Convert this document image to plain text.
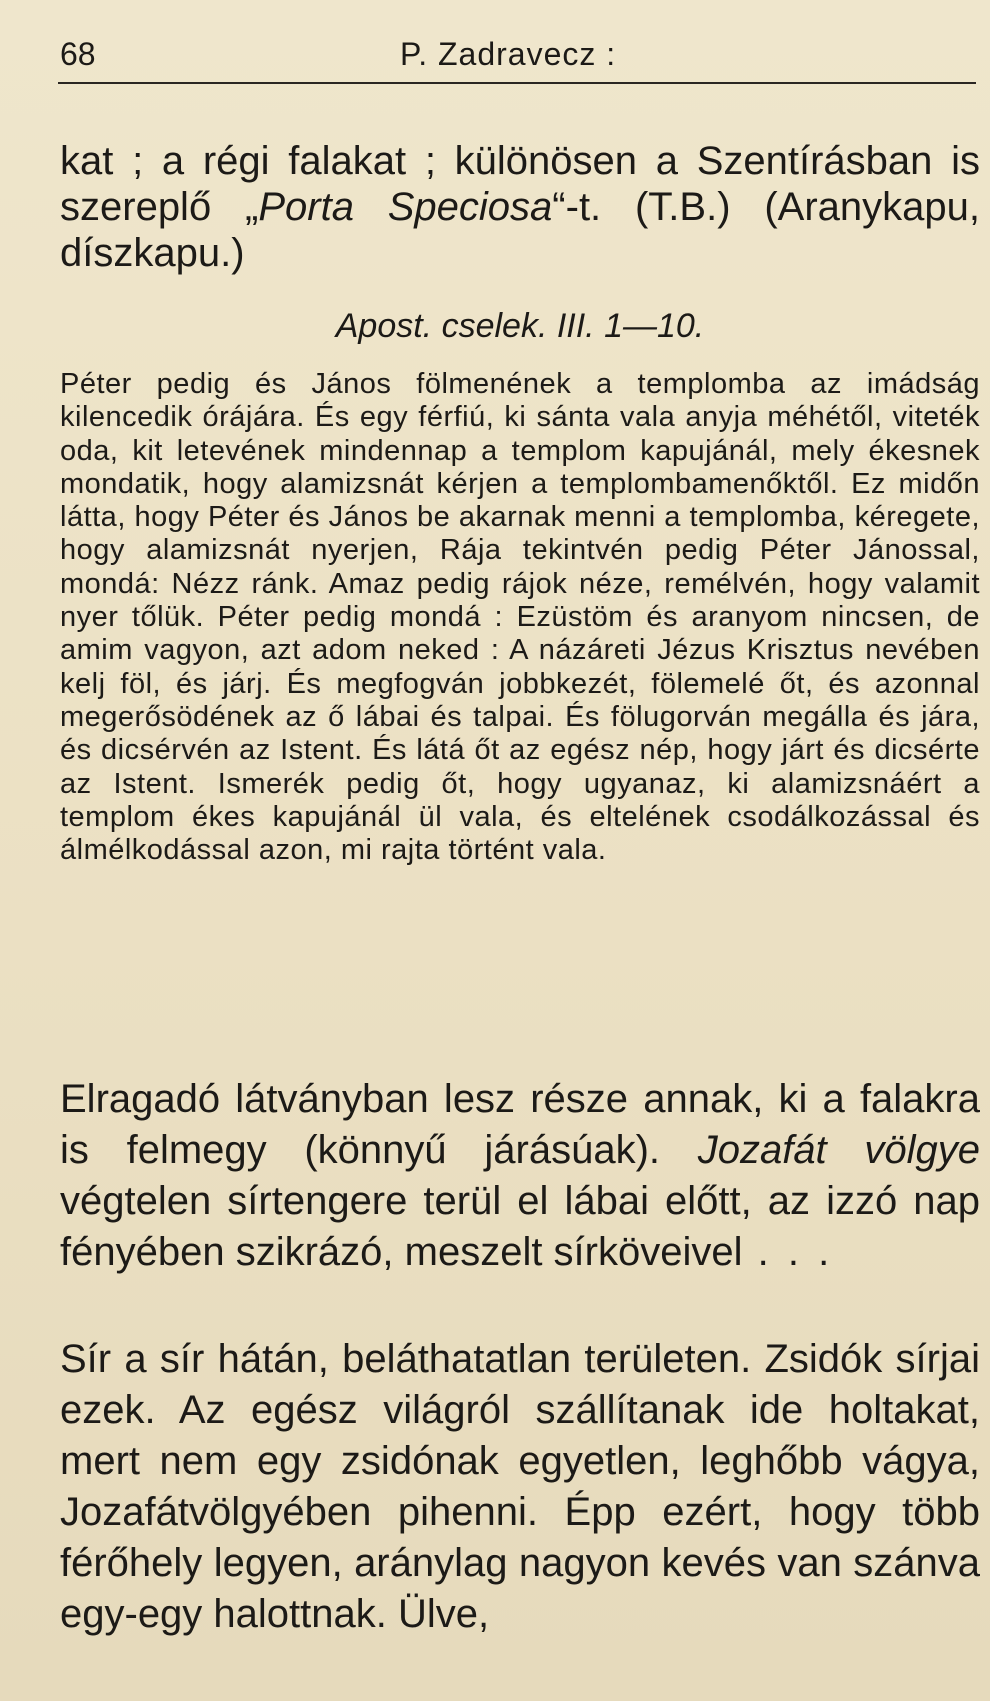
68	P. Zadravecz :

kat ; a régi falakat ; különösen a Szentírásban is szereplő „Porta Speciosa“-t. (T.B.) (Aranykapu, díszkapu.)

Apost. cselek. III. 1—10.

Péter pedig és János fölmenének a templomba az imádság kilencedik órájára. És egy férfiú, ki sánta vala anyja méhétől, viteték oda, kit letevének mindennap a templom kapujánál, mely ékesnek mondatik, hogy alamizsnát kérjen a templombamenőktől. Ez midőn látta, hogy Péter és János be akarnak menni a templomba, kéregete, hogy alamizsnát nyerjen, Rája tekintvén pedig Péter Jánossal, mondá: Nézz ránk. Amaz pedig rájok néze, remélvén, hogy valamit nyer tőlük. Péter pedig mondá : Ezüstöm és aranyom nincsen, de amim vagyon, azt adom neked : A názáreti Jézus Krisztus nevében kelj föl, és járj. És megfogván jobbkezét, fölemelé őt, és azonnal megerősödének az ő lábai és talpai. És fölugorván megálla és jára, és dicsérvén az Istent. És látá őt az egész nép, hogy járt és dicsérte az Istent. Ismerék pedig őt, hogy ugyanaz, ki alamizsnáért a templom ékes kapujánál ül vala, és eltelének csodálkozással és álmélkodással azon, mi rajta történt vala.

Elragadó látványban lesz része annak, ki a falakra is felmegy (könnyű járásúak). Jozafát völgye végtelen sírtengere terül el lábai előtt, az izzó nap fényében szikrázó, meszelt sírköveivel . . .

Sír a sír hátán, beláthatatlan területen. Zsidók sírjai ezek. Az egész világról szállítanak ide holtakat, mert nem egy zsidónak egyetlen, leghőbb vágya, Jozafátvölgyében pihenni. Épp ezért, hogy több férőhely legyen, aránylag nagyon kevés van szánva egy-egy halottnak. Ülve,
